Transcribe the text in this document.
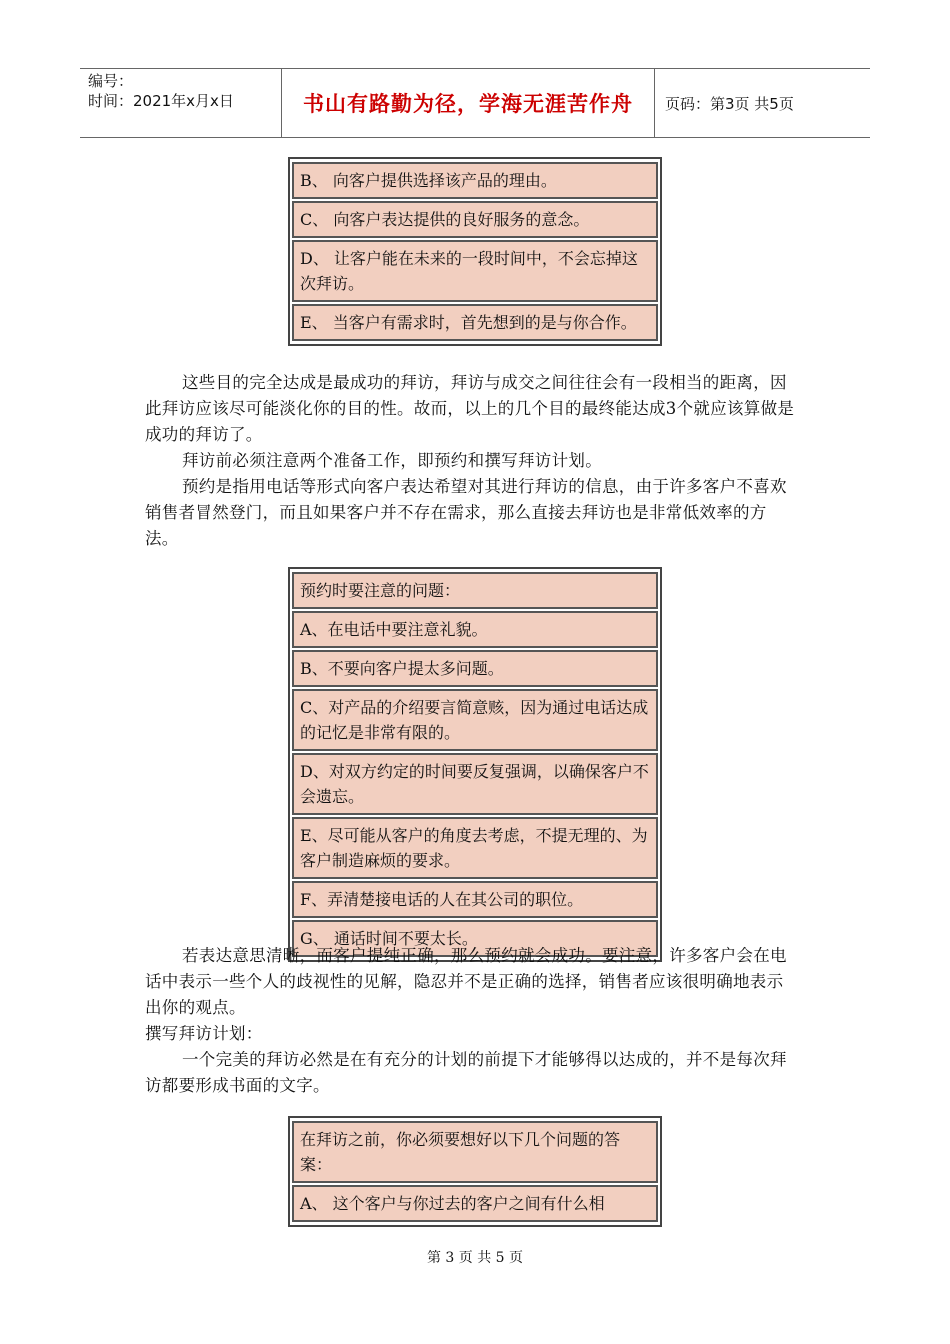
编号：
时间：2021年x月x日	书山有路勤为径，学海无涯苦作舟	页码：第3页 共5页
B、 向客户提供选择该产品的理由。
C、 向客户表达提供的良好服务的意念。
D、 让客户能在未来的一段时间中，不会忘掉这次拜访。
E、 当客户有需求时，首先想到的是与你合作。
这些目的完全达成是最成功的拜访，拜访与成交之间往往会有一段相当的距离，因此拜访应该尽可能淡化你的目的性。故而，以上的几个目的最终能达成3个就应该算做是成功的拜访了。
拜访前必须注意两个准备工作，即预约和撰写拜访计划。
预约是指用电话等形式向客户表达希望对其进行拜访的信息，由于许多客户不喜欢销售者冒然登门，而且如果客户并不存在需求，那么直接去拜访也是非常低效率的方法。
预约时要注意的问题：
A、在电话中要注意礼貌。
B、不要向客户提太多问题。
C、对产品的介绍要言简意赅，因为通过电话达成的记忆是非常有限的。
D、对双方约定的时间要反复强调，以确保客户不会遗忘。
E、尽可能从客户的角度去考虑，不提无理的、为客户制造麻烦的要求。
F、弄清楚接电话的人在其公司的职位。
G、 通话时间不要太长。
若表达意思清晰，而客户提纯正确，那么预约就会成功。要注意，许多客户会在电话中表示一些个人的歧视性的见解，隐忍并不是正确的选择，销售者应该很明确地表示出你的观点。
撰写拜访计划：
一个完美的拜访必然是在有充分的计划的前提下才能够得以达成的，并不是每次拜访都要形成书面的文字。
在拜访之前，你必须要想好以下几个问题的答案：
A、 这个客户与你过去的客户之间有什么相
第 3 页 共 5 页
